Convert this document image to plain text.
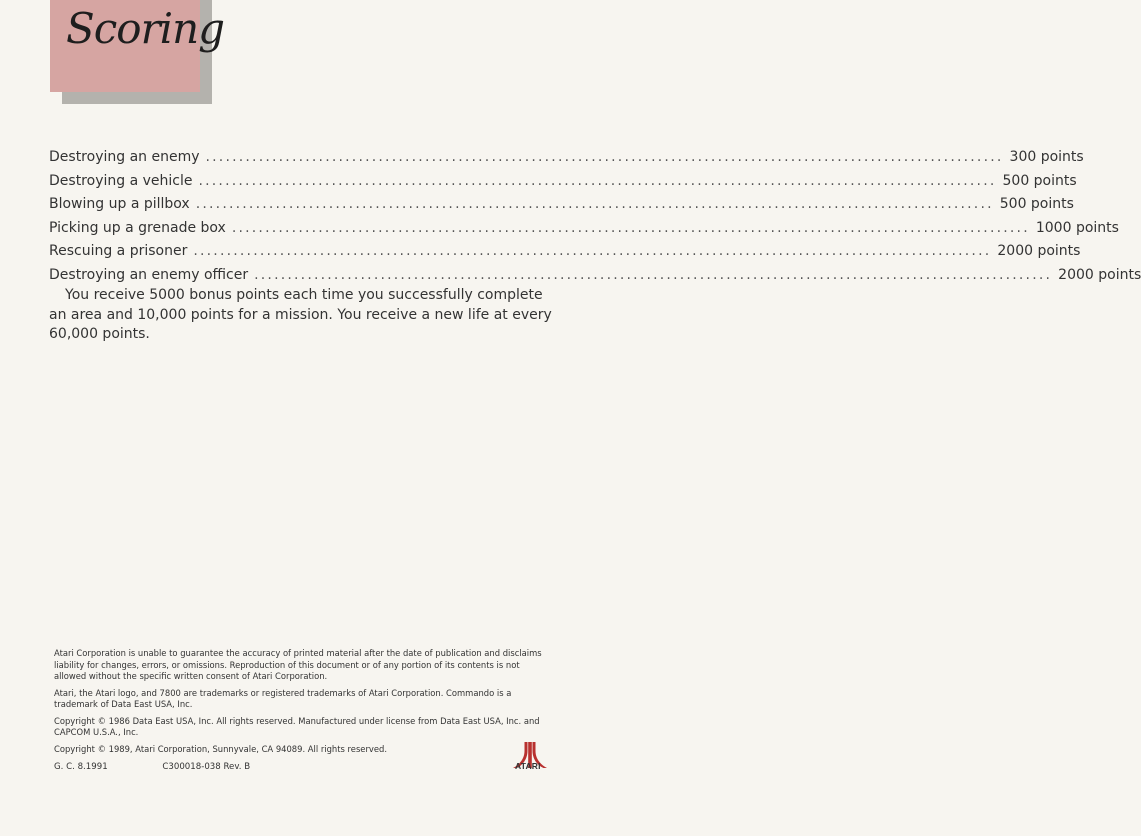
Scoring
Destroying an enemy ........................................................................................................................ 300 points
Destroying a vehicle ........................................................................................................................ 500 points
Blowing up a pillbox ........................................................................................................................ 500 points
Picking up a grenade box ........................................................................................................................ 1000 points
Rescuing a prisoner ........................................................................................................................ 2000 points
Destroying an enemy officer ........................................................................................................................ 2000 points
You receive 5000 bonus points each time you successfully complete an area and 10,000 points for a mission. You receive a new life at every 60,000 points.

Atari Corporation is unable to guarantee the accuracy of printed material after the date of publication and disclaims liability for changes, errors, or omissions. Reproduction of this document or of any portion of its contents is not allowed without the specific written consent of Atari Corporation.

Atari, the Atari logo, and 7800 are trademarks or registered trademarks of Atari Corporation. Commando is a trademark of Data East USA, Inc.

Copyright © 1986 Data East USA, Inc. All rights reserved. Manufactured under license from Data East USA, Inc. and CAPCOM U.S.A., Inc.

Copyright © 1989, Atari Corporation, Sunnyvale, CA 94089. All rights reserved.

G. C. 8.1991	C300018-038 Rev. B	ATARI
